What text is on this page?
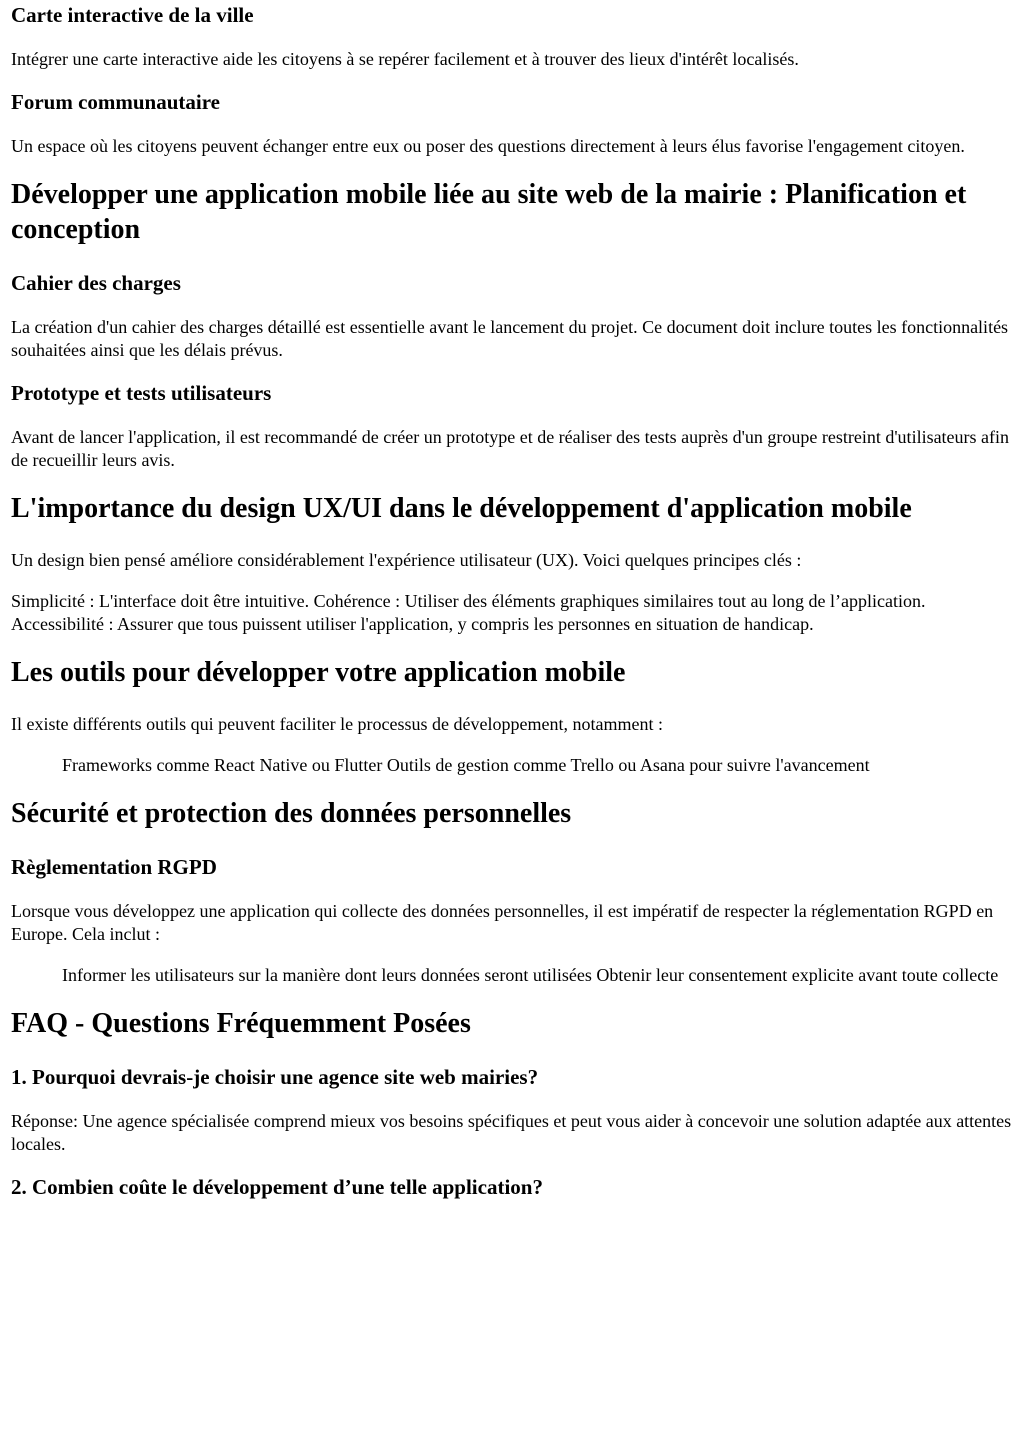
Carte interactive de la ville

Intégrer une carte interactive aide les citoyens à se repérer facilement et à trouver des lieux d'intérêt localisés.

Forum communautaire

Un espace où les citoyens peuvent échanger entre eux ou poser des questions directement à leurs élus favorise l'engagement citoyen.

Développer une application mobile liée au site web de la mairie : Planification et conception
Cahier des charges

La création d'un cahier des charges détaillé est essentielle avant le lancement du projet. Ce document doit inclure toutes les fonctionnalités souhaitées ainsi que les délais prévus.

Prototype et tests utilisateurs

Avant de lancer l'application, il est recommandé de créer un prototype et de réaliser des tests auprès d'un groupe restreint d'utilisateurs afin de recueillir leurs avis.

L'importance du design UX/UI dans le développement d'application mobile

Un design bien pensé améliore considérablement l'expérience utilisateur (UX). Voici quelques principes clés :

Simplicité : L'interface doit être intuitive. Cohérence : Utiliser des éléments graphiques similaires tout au long de l’application. Accessibilité : Assurer que tous puissent utiliser l'application, y compris les personnes en situation de handicap.

Les outils pour développer votre application mobile

Il existe différents outils qui peuvent faciliter le processus de développement, notamment :

Frameworks comme React Native ou Flutter Outils de gestion comme Trello ou Asana pour suivre l'avancement
Sécurité et protection des données personnelles
Règlementation RGPD

Lorsque vous développez une application qui collecte des données personnelles, il est impératif de respecter la réglementation RGPD en Europe. Cela inclut :

Informer les utilisateurs sur la manière dont leurs données seront utilisées Obtenir leur consentement explicite avant toute collecte
FAQ - Questions Fréquemment Posées
1. Pourquoi devrais-je choisir une agence site web mairies?

Réponse: Une agence spécialisée comprend mieux vos besoins spécifiques et peut vous aider à concevoir une solution adaptée aux attentes locales.

2. Combien coûte le développement d’une telle application?
